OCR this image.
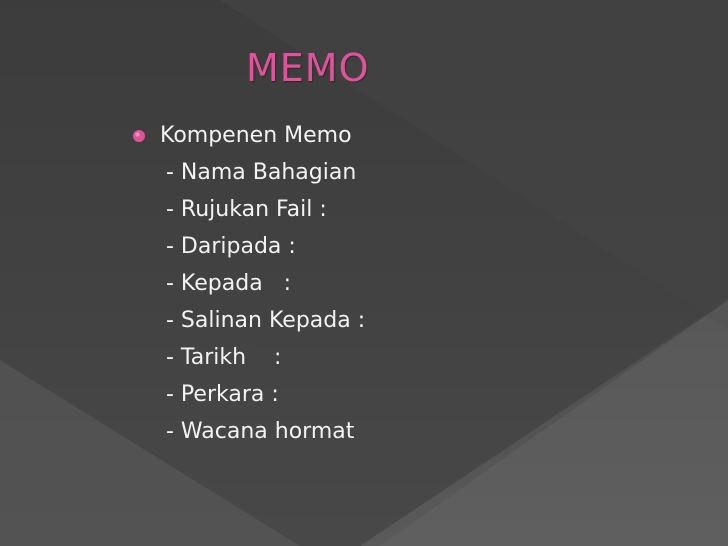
MEMO
Kompenen Memo
- Nama Bahagian
- Rujukan Fail :
- Daripada :
- Kepada   :
- Salinan Kepada :
- Tarikh    :
- Perkara :
- Wacana hormat
